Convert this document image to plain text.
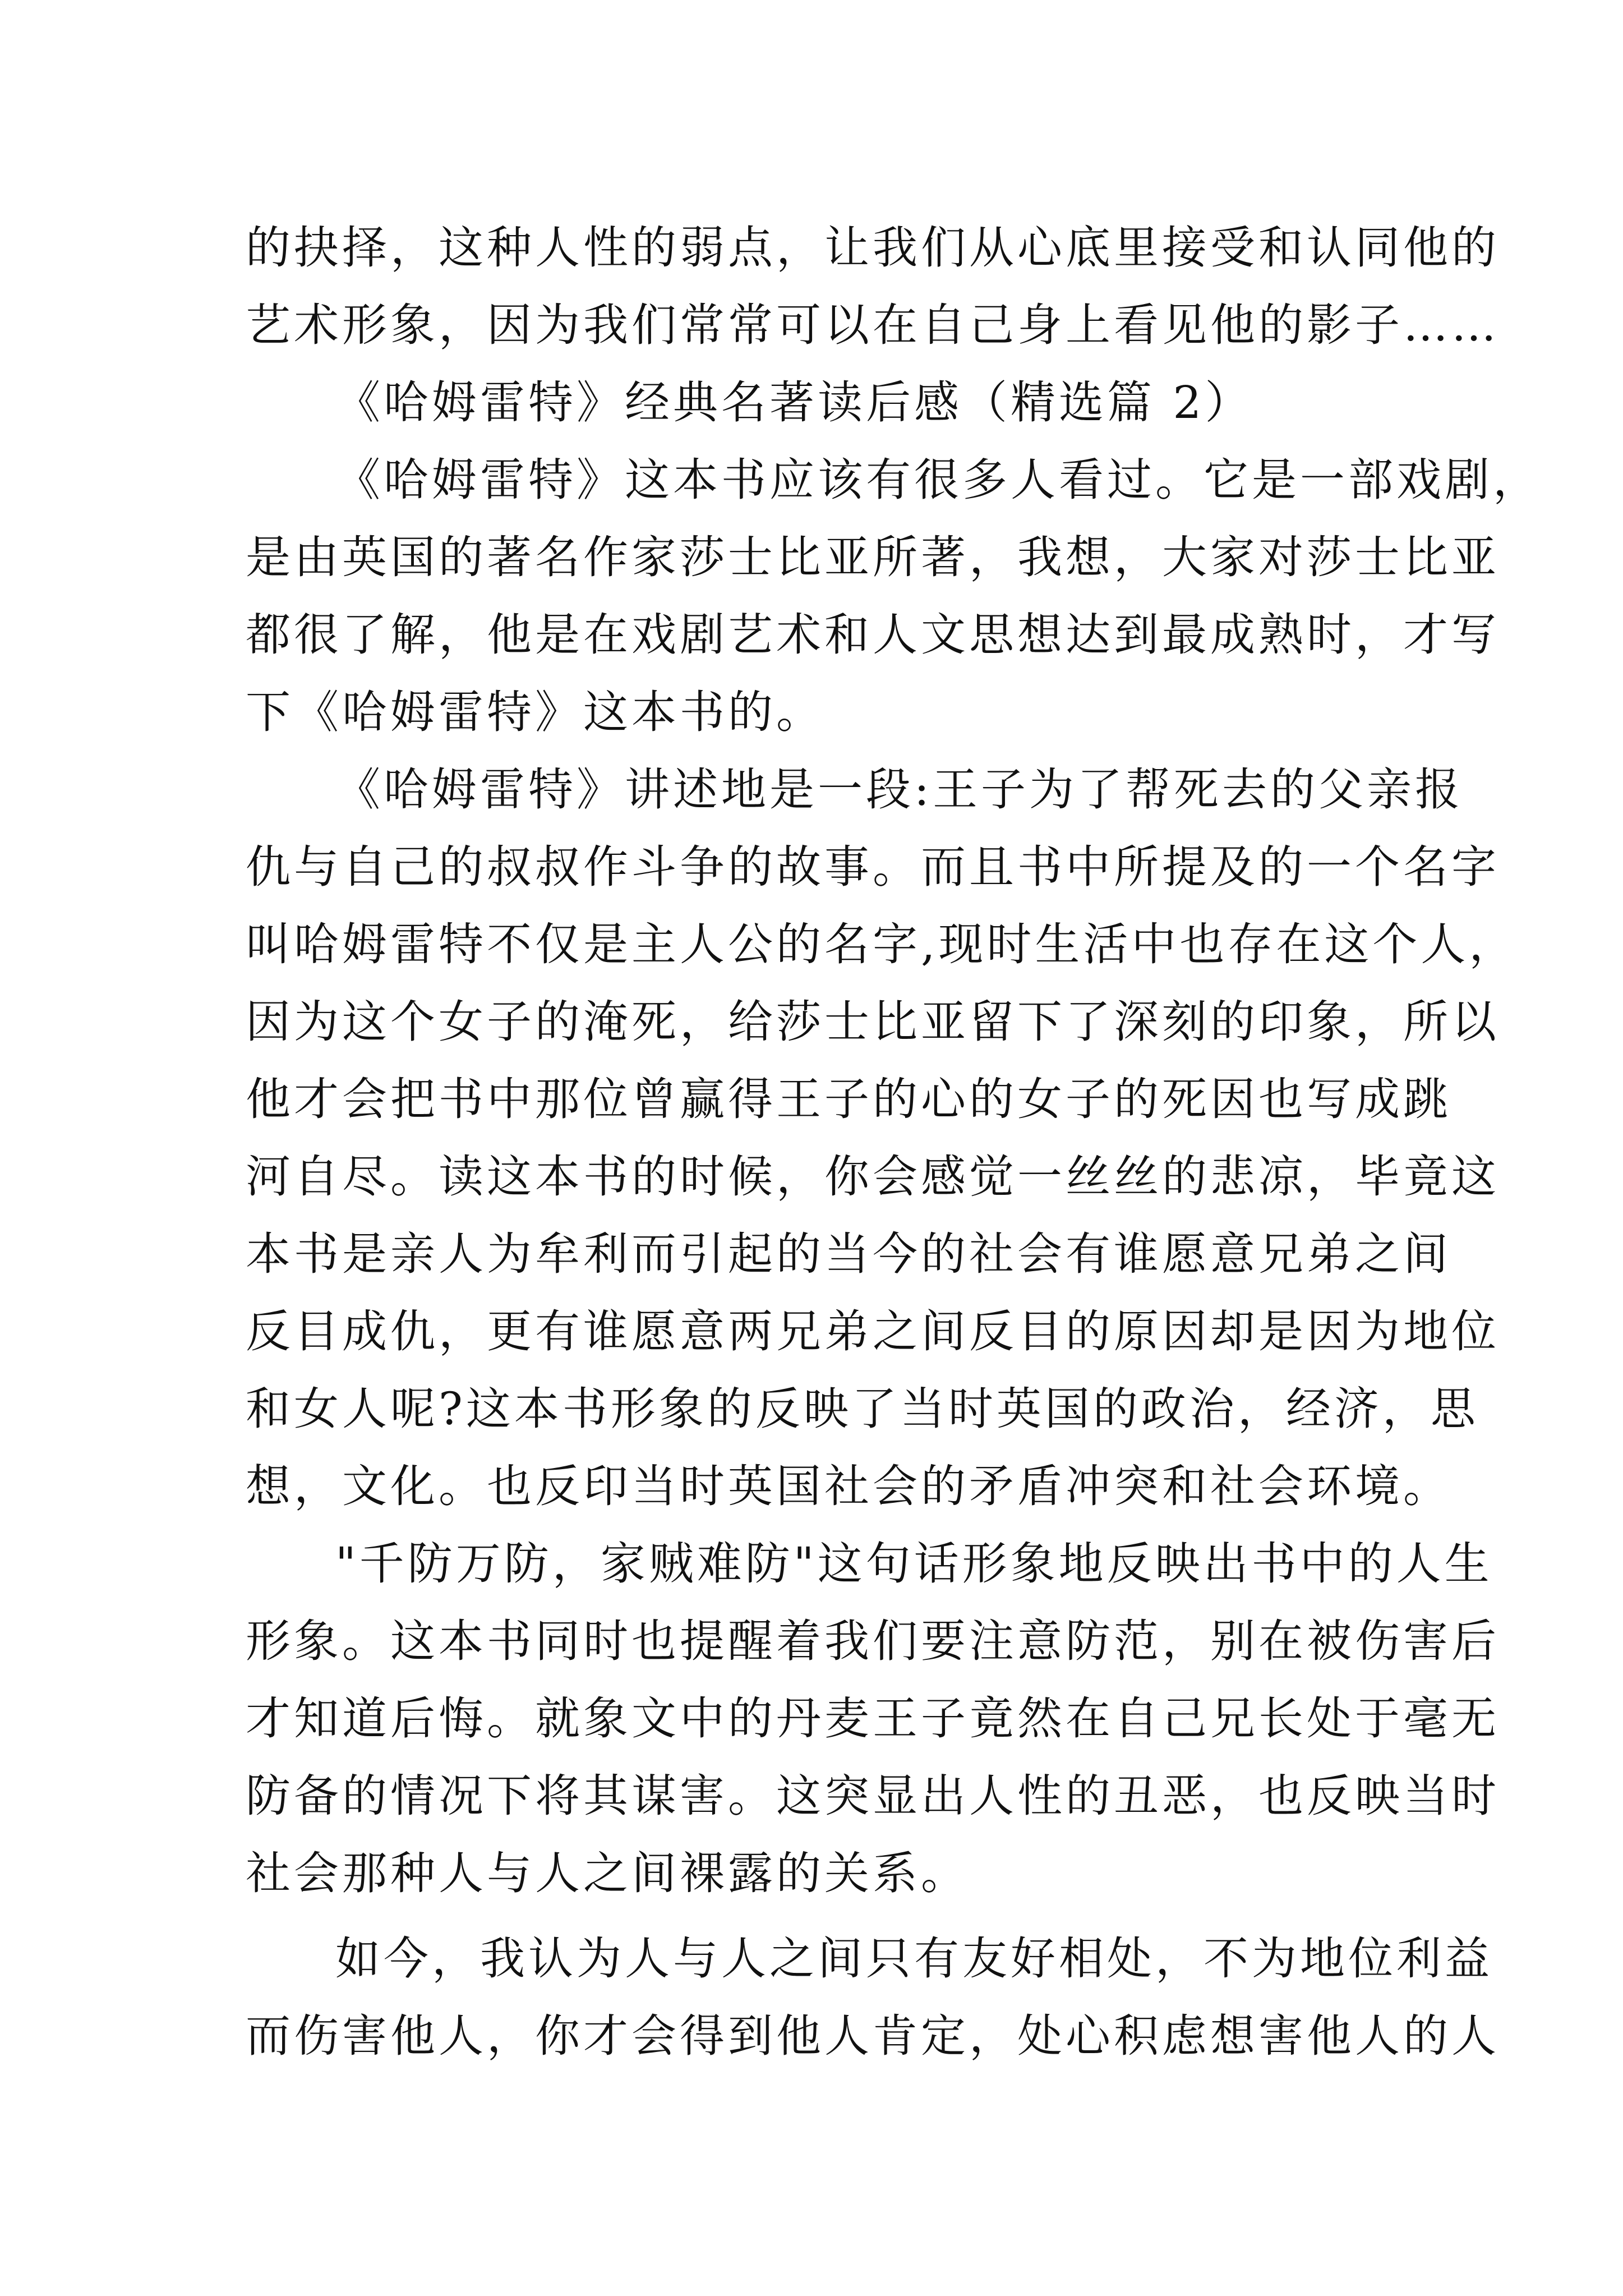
的抉择，这种人性的弱点，让我们从心底里接受和认同他的
艺术形象，因为我们常常可以在自己身上看见他的影子……
《哈姆雷特》经典名著读后感（精选篇 2）
《哈姆雷特》这本书应该有很多人看过。它是一部戏剧，
是由英国的著名作家莎士比亚所著，我想，大家对莎士比亚
都很了解，他是在戏剧艺术和人文思想达到最成熟时，才写
下《哈姆雷特》这本书的。
《哈姆雷特》讲述地是一段:王子为了帮死去的父亲报
仇与自己的叔叔作斗争的故事。而且书中所提及的一个名字
叫哈姆雷特不仅是主人公的名字,现时生活中也存在这个人，
因为这个女子的淹死，给莎士比亚留下了深刻的印象，所以
他才会把书中那位曾赢得王子的心的女子的死因也写成跳
河自尽。读这本书的时候，你会感觉一丝丝的悲凉，毕竟这
本书是亲人为牟利而引起的当今的社会有谁愿意兄弟之间
反目成仇，更有谁愿意两兄弟之间反目的原因却是因为地位
和女人呢?这本书形象的反映了当时英国的政治，经济，思
想，文化。也反印当时英国社会的矛盾冲突和社会环境。
"千防万防，家贼难防"这句话形象地反映出书中的人生
形象。这本书同时也提醒着我们要注意防范，别在被伤害后
才知道后悔。就象文中的丹麦王子竟然在自己兄长处于毫无
防备的情况下将其谋害。这突显出人性的丑恶，也反映当时
社会那种人与人之间裸露的关系。
如今，我认为人与人之间只有友好相处，不为地位利益
而伤害他人，你才会得到他人肯定，处心积虑想害他人的人
